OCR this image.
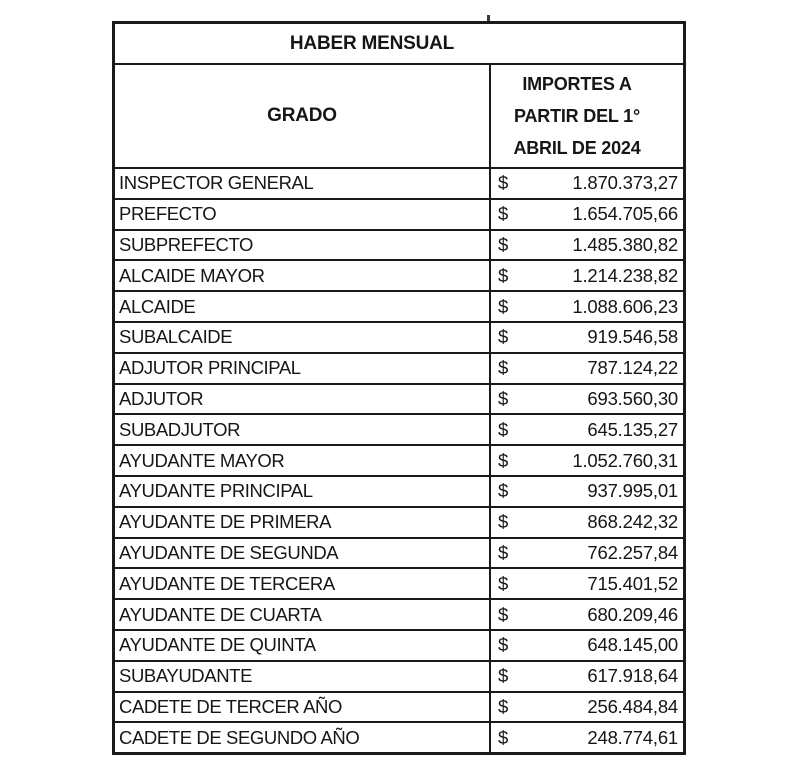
HABER MENSUAL
GRADO
IMPORTES A
PARTIR DEL 1°
ABRIL DE 2024
INSPECTOR GENERAL	$	1.870.373,27
PREFECTO	$	1.654.705,66
SUBPREFECTO	$	1.485.380,82
ALCAIDE MAYOR	$	1.214.238,82
ALCAIDE	$	1.088.606,23
SUBALCAIDE	$	919.546,58
ADJUTOR PRINCIPAL	$	787.124,22
ADJUTOR	$	693.560,30
SUBADJUTOR	$	645.135,27
AYUDANTE MAYOR	$	1.052.760,31
AYUDANTE PRINCIPAL	$	937.995,01
AYUDANTE DE PRIMERA	$	868.242,32
AYUDANTE DE SEGUNDA	$	762.257,84
AYUDANTE DE TERCERA	$	715.401,52
AYUDANTE DE CUARTA	$	680.209,46
AYUDANTE DE QUINTA	$	648.145,00
SUBAYUDANTE	$	617.918,64
CADETE DE TERCER AÑO	$	256.484,84
CADETE DE SEGUNDO AÑO	$	248.774,61
